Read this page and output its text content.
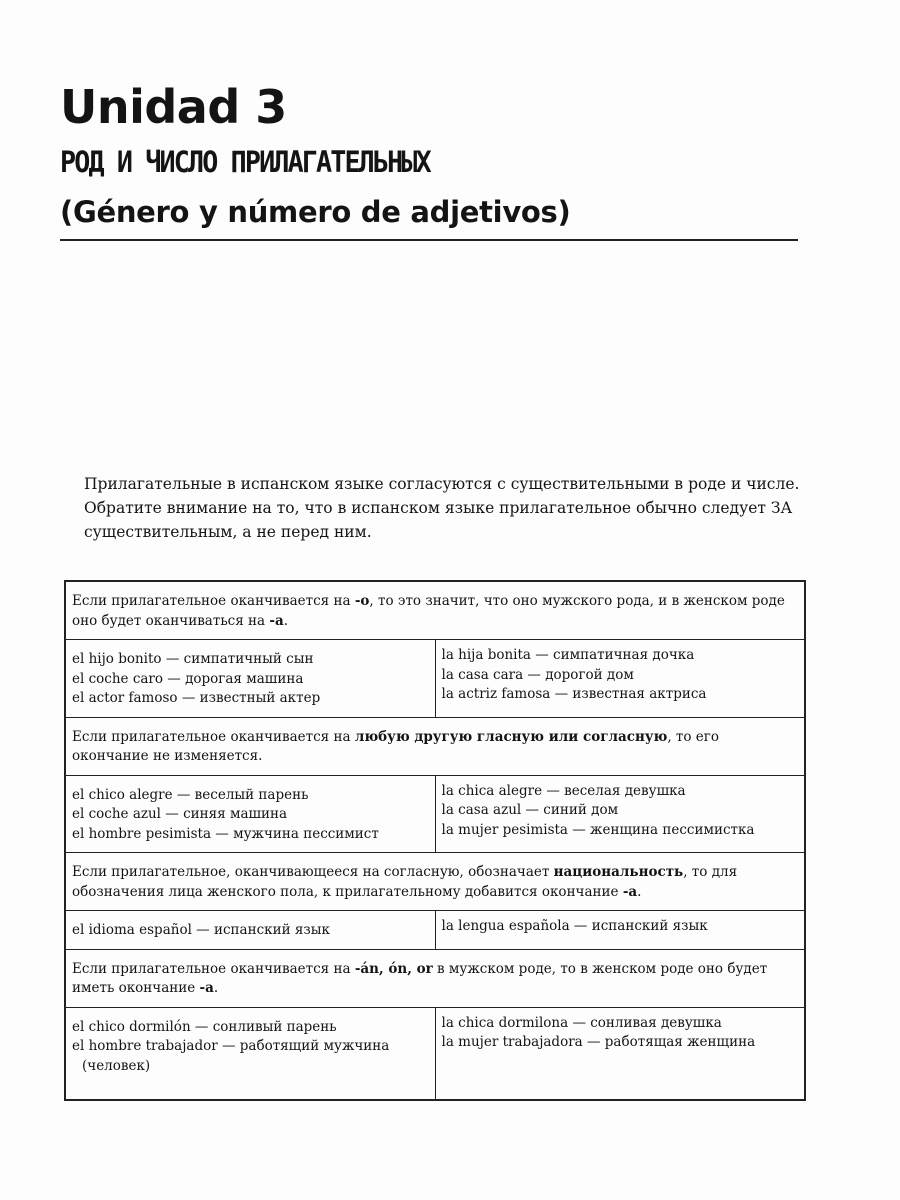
Unidad 3
РОД И ЧИСЛО ПРИЛАГАТЕЛЬНЫХ
(Género y número de adjetivos)

Прилагательные в испанском языке согласуются с существительными в роде и числе.

Обратите внимание на то, что в испанском языке прилагательное обычно следует ЗА существительным, а не перед ним.

Если прилагательное оканчивается на -о, то это значит, что оно мужского рода, и в женском роде оно будет оканчиваться на -а.
el hijo bonito — симпатичный сын
el coche caro — дорогая машина
el actor famoso — известный актер
la hija bonita — симпатичная дочка
la casa cara — дорогой дом
la actriz famosa — известная актриса
Если прилагательное оканчивается на любую другую гласную или согласную, то его окончание не изменяется.
el chico alegre — веселый парень
el coche azul — синяя машина
el hombre pesimista — мужчина пессимист
la chica alegre — веселая девушка
la casa azul — синий дом
la mujer pesimista — женщина пессимистка
Если прилагательное, оканчивающееся на согласную, обозначает национальность, то для обозначения лица женского пола, к прилагательному добавится окончание -а.
el idioma español — испанский язык	la lengua española — испанский язык
Если прилагательное оканчивается на -án, ón, or в мужском роде, то в женском роде оно будет иметь окончание -а.
el chico dormilón — сонливый парень
el hombre trabajador — работящий мужчина
(человек)
la chica dormilona — сонливая девушка
la mujer trabajadora — работящая женщина
